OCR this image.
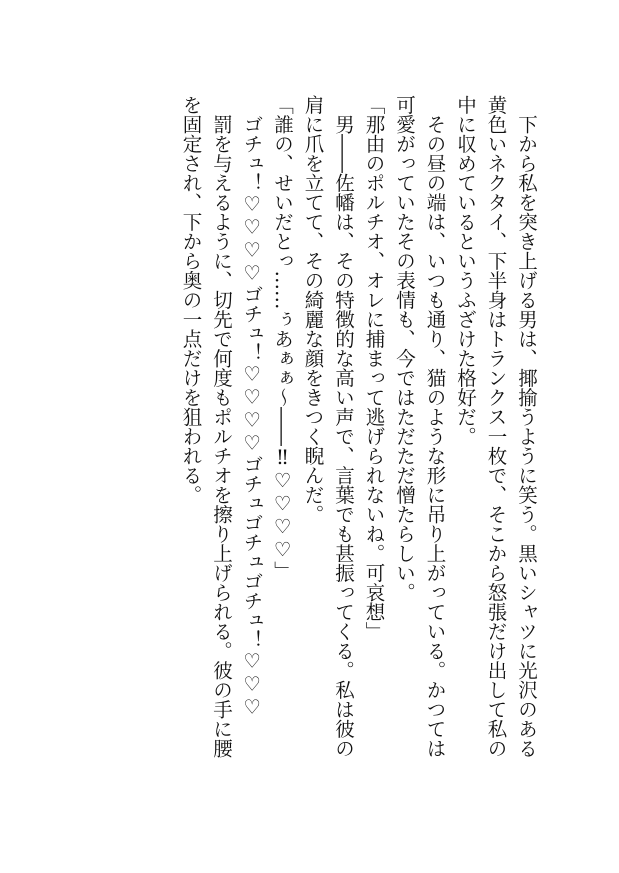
　下から私を突き上げる男は、揶揄うように笑う。黒いシャツに光沢のある
黄色いネクタイ、下半身はトランクス一枚で、そこから怒張だけ出して私の
中に収めているというふざけた格好だ。
　その昼の端は、いつも通り、猫のような形に吊り上がっている。かつては
可愛がっていたその表情も、今ではただただ憎たらしい。
「那由のポルチオ、オレに捕まって逃げられないね。可哀想」
　男――佐幡は、その特徴的な高い声で、言葉でも甚振ってくる。私は彼の
肩に爪を立てて、その綺麗な顔をきつく睨んだ。
「誰の、せいだとっ……ぅあぁぁ～――‼︎♡♡♡♡」
　ゴチュ！♡♡♡♡ゴチュ！♡♡♡♡ゴチュゴチュゴチュ！♡♡♡
　罰を与えるように、切先で何度もポルチオを擦り上げられる。彼の手に腰
を固定され、下から奥の一点だけを狙われる。
